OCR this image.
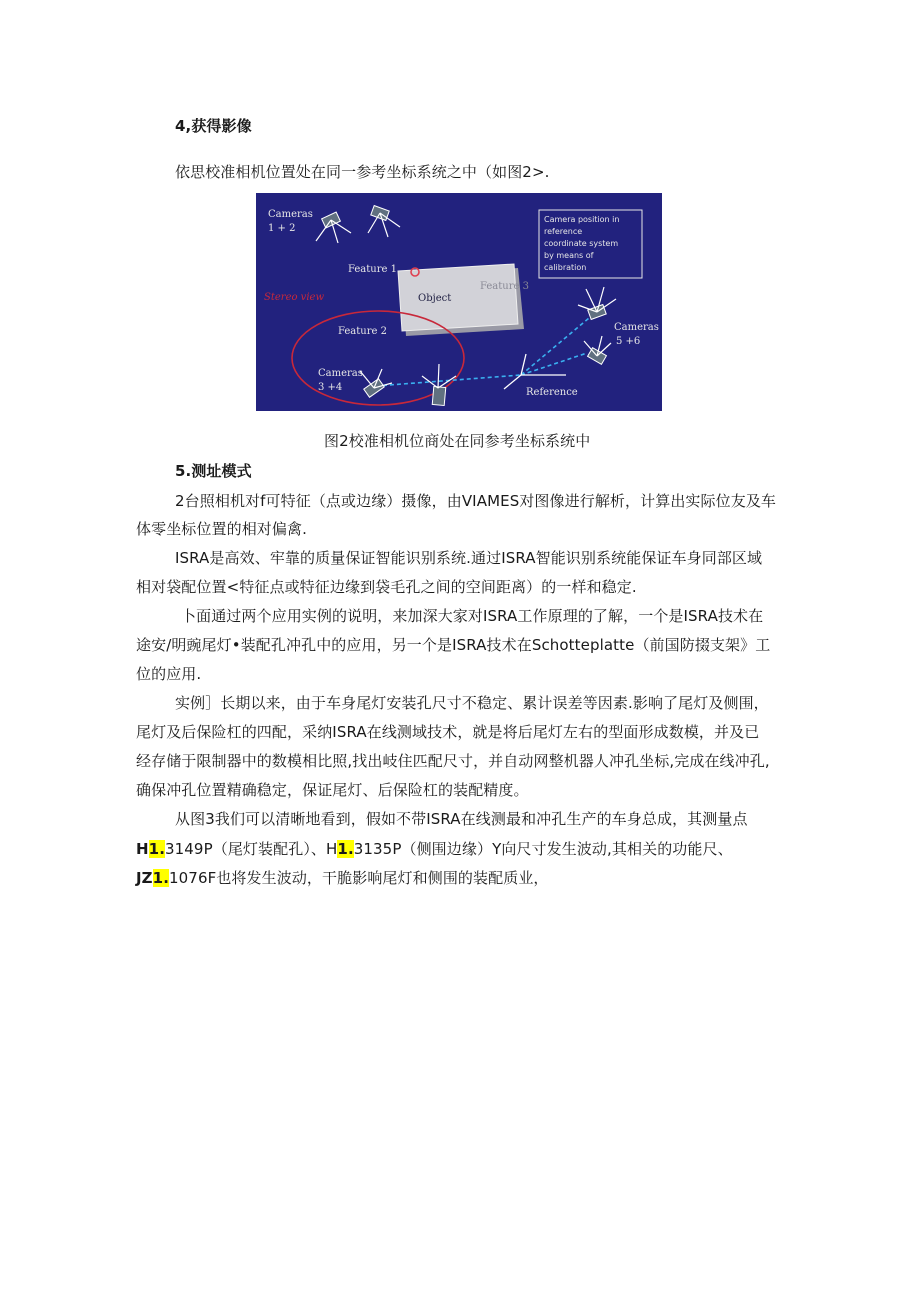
4,获得影像
依思校准相机位置处在同一参考坐标系统之中（如图2>.
Cameras
1 + 2
Feature 1
Object
Feature 3
Stereo view
Feature 2
Cameras
3 +4
Cameras
5 +6
Reference
Camera position in
reference
coordinate system
by means of
calibration
图2校准相机位商处在同参考坐标系统中
5.测址模式
2台照相机对f可特征（点或边缘）摄像，由VIAMES对图像进行解析，计算出实际位友及车
体零坐标位置的相对偏禽.
ISRA是高效、牢靠的质量保证智能识别系统.通过ISRA智能识别系统能保证车身同部区域
相对袋配位置<特征点或特征边缘到袋毛孔之间的空间距离）的一样和稳定.
卜面通过两个应用实例的说明，来加深大家对ISRA工作原理的了解，一个是ISRA技术在
途安/明豌尾灯•装配孔冲孔中的应用，另一个是ISRA技术在Schotteplatte（前国防掇支架》工
位的应用.
实例］长期以来，由于车身尾灯安装孔尺寸不稳定、累计误差等因素.影响了尾灯及侧围，
尾灯及后保险杠的四配，采纳ISRA在线测域技术，就是将后尾灯左右的型面形成数模，并及已
经存储于限制器中的数模相比照,找出岐住匹配尺寸，并自动网整机器人冲孔坐标,完成在线冲孔,
确保冲孔位置精确稳定，保证尾灯、后保险杠的装配精度。
从图3我们可以清晰地看到，假如不带ISRA在线测最和冲孔生产的车身总成，其测量点
H1.3149P（尾灯装配孔）、H1.3135P（侧围边缘）Y向尺寸发生波动,其相关的功能尺、
JZ1.1076F也将发生波动，干脆影响尾灯和侧围的装配质业，
